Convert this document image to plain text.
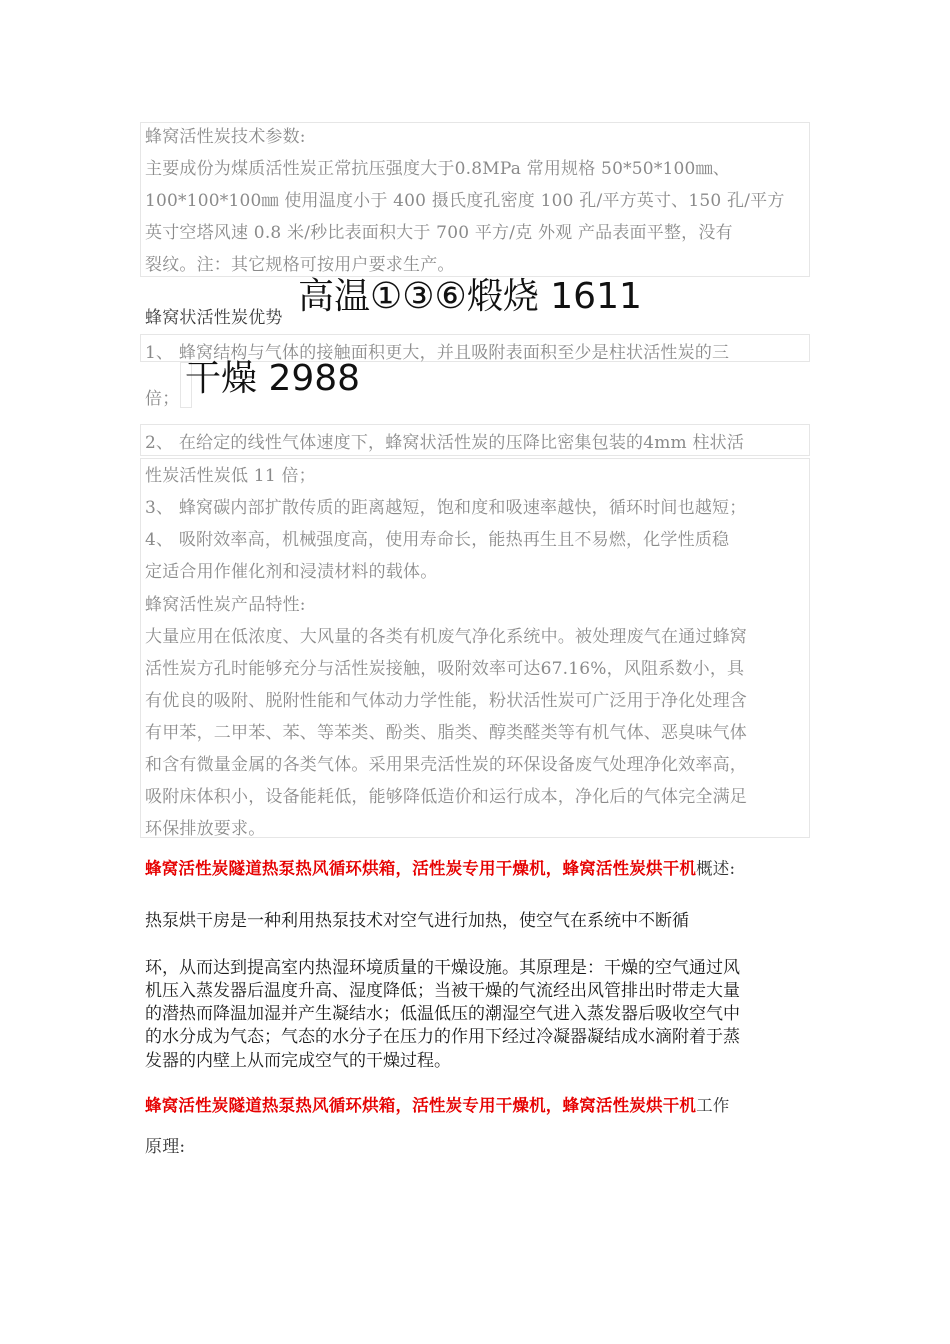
蜂窝活性炭技术参数:
主要成份为煤质活性炭正常抗压强度大于0.8MPa 常用规格 50*50*100㎜、
100*100*100㎜ 使用温度小于 400 摄氏度孔密度 100 孔/平方英寸、150 孔/平方
英寸空塔风速 0.8 米/秒比表面积大于 700 平方/克 外观 产品表面平整，没有
裂纹。注：其它规格可按用户要求生产。
高温①③⑥煅烧 1611
干燥 2988
蜂窝状活性炭优势
1、 蜂窝结构与气体的接触面积更大，并且吸附表面积至少是柱状活性炭的三
倍；
2、 在给定的线性气体速度下，蜂窝状活性炭的压降比密集包装的4mm 柱状活
性炭活性炭低 11 倍；
3、 蜂窝碳内部扩散传质的距离越短，饱和度和吸速率越快，循环时间也越短；
4、 吸附效率高，机械强度高，使用寿命长，能热再生且不易燃，化学性质稳
定适合用作催化剂和浸渍材料的载体。
蜂窝活性炭产品特性:
大量应用在低浓度、大风量的各类有机废气净化系统中。被处理废气在通过蜂窝
活性炭方孔时能够充分与活性炭接触，吸附效率可达67.16%，风阻系数小，具
有优良的吸附、脱附性能和气体动力学性能，粉状活性炭可广泛用于净化处理含
有甲苯，二甲苯、苯、等苯类、酚类、脂类、醇类醛类等有机气体、恶臭味气体
和含有微量金属的各类气体。采用果壳活性炭的环保设备废气处理净化效率高，
吸附床体积小，设备能耗低，能够降低造价和运行成本，净化后的气体完全满足
环保排放要求。
蜂窝活性炭隧道热泵热风循环烘箱，活性炭专用干燥机，蜂窝活性炭烘干机概述:
热泵烘干房是一种利用热泵技术对空气进行加热，使空气在系统中不断循
环，从而达到提高室内热湿环境质量的干燥设施。其原理是：干燥的空气通过风
机压入蒸发器后温度升高、湿度降低；当被干燥的气流经出风管排出时带走大量
的潜热而降温加湿并产生凝结水；低温低压的潮湿空气进入蒸发器后吸收空气中
的水分成为气态；气态的水分子在压力的作用下经过冷凝器凝结成水滴附着于蒸
发器的内壁上从而完成空气的干燥过程。
蜂窝活性炭隧道热泵热风循环烘箱，活性炭专用干燥机，蜂窝活性炭烘干机工作
原理:
